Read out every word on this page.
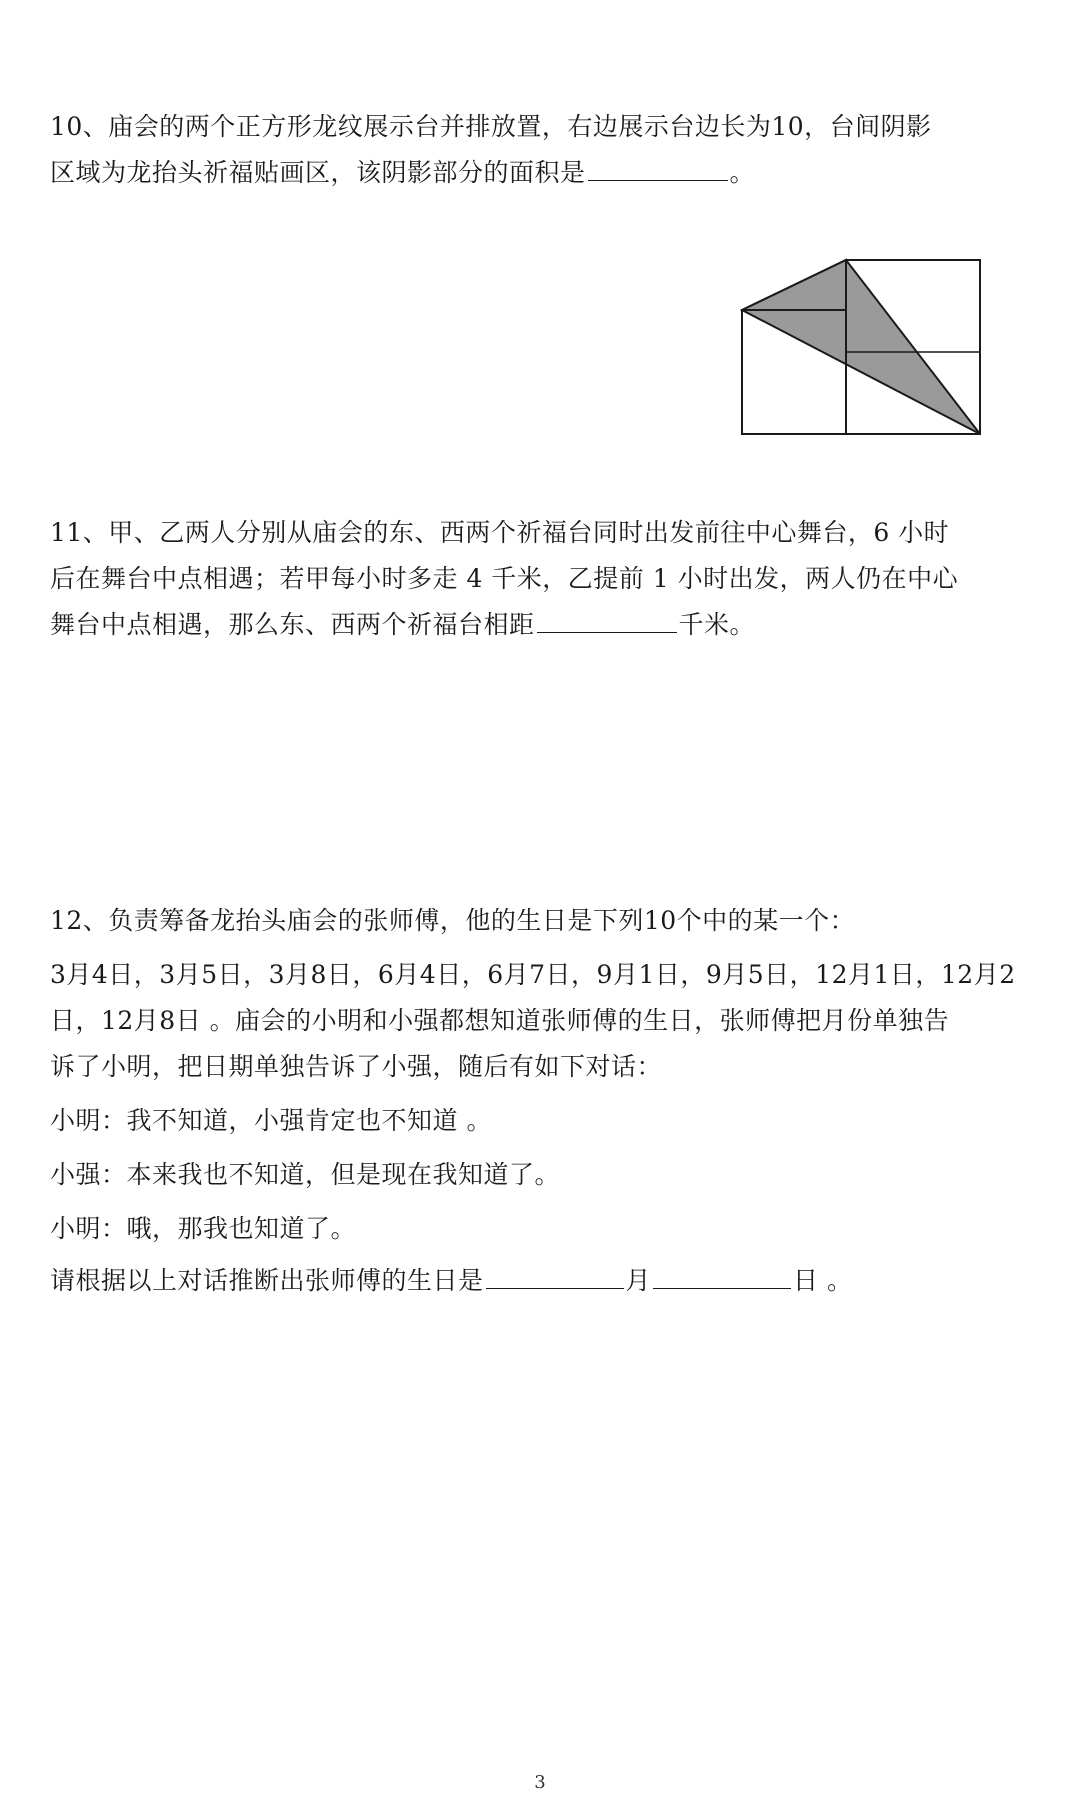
10、庙会的两个正方形龙纹展示台并排放置，右边展示台边长为10，台间阴影
区域为龙抬头祈福贴画区，该阴影部分的面积是	。
11、甲、乙两人分别从庙会的东、西两个祈福台同时出发前往中心舞台，6 小时
后在舞台中点相遇；若甲每小时多走 4 千米，乙提前 1 小时出发，两人仍在中心
舞台中点相遇，那么东、西两个祈福台相距	千米。
12、负责筹备龙抬头庙会的张师傅，他的生日是下列10个中的某一个：
3月4日，3月5日，3月8日，6月4日，6月7日，9月1日，9月5日，12月1日，12月2
日，12月8日 。庙会的小明和小强都想知道张师傅的生日，张师傅把月份单独告
诉了小明，把日期单独告诉了小强，随后有如下对话：
小明：我不知道，小强肯定也不知道 。
小强：本来我也不知道，但是现在我知道了。
小明：哦，那我也知道了。
请根据以上对话推断出张师傅的生日是	月	日 。
3
